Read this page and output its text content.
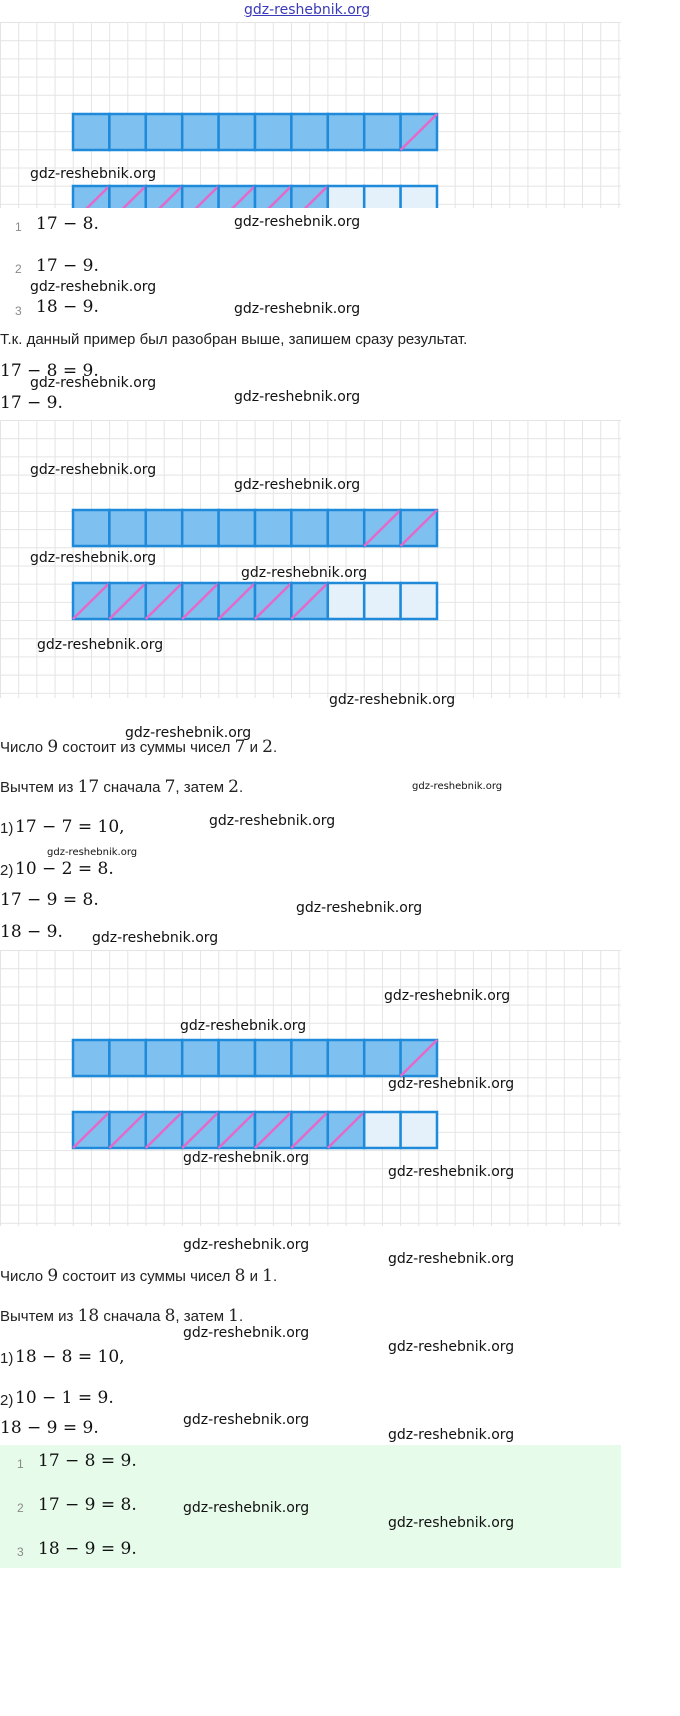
gdz-reshebnik.org
1 17 − 8.
2 17 − 9.
3 18 − 9.
Т.к. данный пример был разобран выше, запишем сразу результат.
17 − 8 = 9.
17 − 9.
Число 9 состоит из суммы чисел 7 и 2.
Вычтем из 17 сначала 7, затем 2.
1) 17 − 7 = 10,
2) 10 − 2 = 8.
17 − 9 = 8.
18 − 9.
Число 9 состоит из суммы чисел 8 и 1.
Вычтем из 18 сначала 8, затем 1.
1) 18 − 8 = 10,
2) 10 − 1 = 9.
18 − 9 = 9.
1 17 − 8 = 9.
2 17 − 9 = 8.
3 18 − 9 = 9.
gdz-reshebnik.org
gdz-reshebnik.org
gdz-reshebnik.org
gdz-reshebnik.org
gdz-reshebnik.org
gdz-reshebnik.org
gdz-reshebnik.org
gdz-reshebnik.org
gdz-reshebnik.org
gdz-reshebnik.org
gdz-reshebnik.org
gdz-reshebnik.org
gdz-reshebnik.org
gdz-reshebnik.org
gdz-reshebnik.org
gdz-reshebnik.org
gdz-reshebnik.org
gdz-reshebnik.org
gdz-reshebnik.org
gdz-reshebnik.org
gdz-reshebnik.org
gdz-reshebnik.org
gdz-reshebnik.org
gdz-reshebnik.org
gdz-reshebnik.org
gdz-reshebnik.org
gdz-reshebnik.org
gdz-reshebnik.org
gdz-reshebnik.org
gdz-reshebnik.org
gdz-reshebnik.org
